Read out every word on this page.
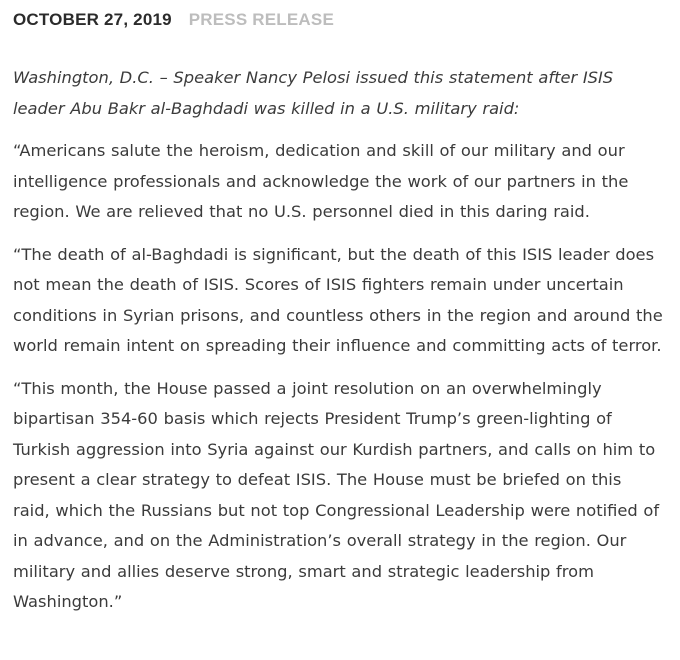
OCTOBER 27, 2019 PRESS RELEASE

Washington, D.C. – Speaker Nancy Pelosi issued this statement after ISIS leader Abu Bakr al-Baghdadi was killed in a U.S. military raid:

“Americans salute the heroism, dedication and skill of our military and our intelligence professionals and acknowledge the work of our partners in the region. We are relieved that no U.S. personnel died in this daring raid.

“The death of al-Baghdadi is significant, but the death of this ISIS leader does not mean the death of ISIS. Scores of ISIS fighters remain under uncertain conditions in Syrian prisons, and countless others in the region and around the world remain intent on spreading their influence and committing acts of terror.

“This month, the House passed a joint resolution on an overwhelmingly bipartisan 354-60 basis which rejects President Trump’s green-lighting of Turkish aggression into Syria against our Kurdish partners, and calls on him to present a clear strategy to defeat ISIS. The House must be briefed on this raid, which the Russians but not top Congressional Leadership were notified of in advance, and on the Administration’s overall strategy in the region. Our military and allies deserve strong, smart and strategic leadership from Washington.”
